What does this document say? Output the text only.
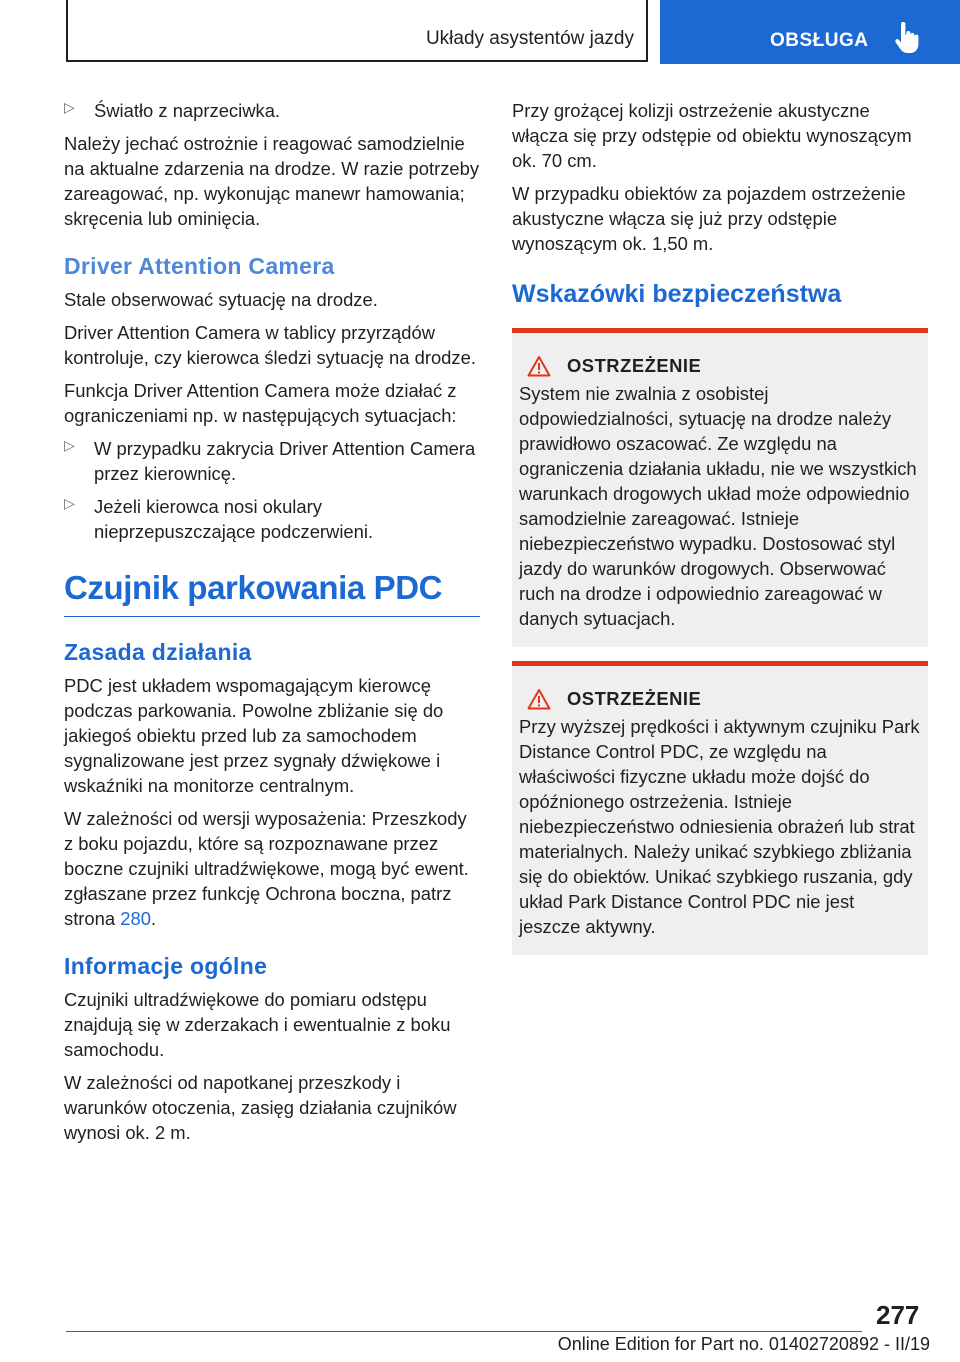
Układy asystentów jazdy	OBSŁUGA
▷ Światło z naprzeciwka.

Należy jechać ostrożnie i reagować samodzielnie na aktualne zdarzenia na drodze. W razie potrzeby zareagować, np. wykonując manewr hamowania; skręcenia lub ominięcia.

Driver Attention Camera

Stale obserwować sytuację na drodze.

Driver Attention Camera w tablicy przyrządów kontroluje, czy kierowca śledzi sytuację na drodze.

Funkcja Driver Attention Camera może działać z ograniczeniami np. w następujących sytuacjach:

▷ W przypadku zakrycia Driver Attention Camera przez kierownicę.

▷ Jeżeli kierowca nosi okulary nieprzepuszczające podczerwieni.

Czujnik parkowania PDC
Zasada działania

PDC jest układem wspomagającym kierowcę podczas parkowania. Powolne zbliżanie się do jakiegoś obiektu przed lub za samochodem sygnalizowane jest przez sygnały dźwiękowe i wskaźniki na monitorze centralnym.

W zależności od wersji wyposażenia: Przeszkody z boku pojazdu, które są rozpoznawane przez boczne czujniki ultradźwiękowe, mogą być ewent. zgłaszane przez funkcję Ochrona boczna, patrz strona 280.

Informacje ogólne

Czujniki ultradźwiękowe do pomiaru odstępu znajdują się w zderzakach i ewentualnie z boku samochodu.

W zależności od napotkanej przeszkody i warunków otoczenia, zasięg działania czujników wynosi ok. 2 m.

Przy grożącej kolizji ostrzeżenie akustyczne włącza się przy odstępie od obiektu wynoszącym ok. 70 cm.

W przypadku obiektów za pojazdem ostrzeżenie akustyczne włącza się już przy odstępie wynoszącym ok. 1,50 m.

Wskazówki bezpieczeństwa
OSTRZEŻENIE

System nie zwalnia z osobistej odpowiedzialności, sytuację na drodze należy prawidłowo oszacować. Ze względu na ograniczenia działania układu, nie we wszystkich warunkach drogowych układ może odpowiednio samodzielnie zareagować. Istnieje niebezpieczeństwo wypadku. Dostosować styl jazdy do warunków drogowych. Obserwować ruch na drodze i odpowiednio zareagować w danych sytuacjach.

OSTRZEŻENIE

Przy wyższej prędkości i aktywnym czujniku Park Distance Control PDC, ze względu na właściwości fizyczne układu może dojść do opóźnionego ostrzeżenia. Istnieje niebezpieczeństwo odniesienia obrażeń lub strat materialnych. Należy unikać szybkiego zbliżania się do obiektów. Unikać szybkiego ruszania, gdy układ Park Distance Control PDC nie jest jeszcze aktywny.

277
Online Edition for Part no. 01402720892 - II/19
